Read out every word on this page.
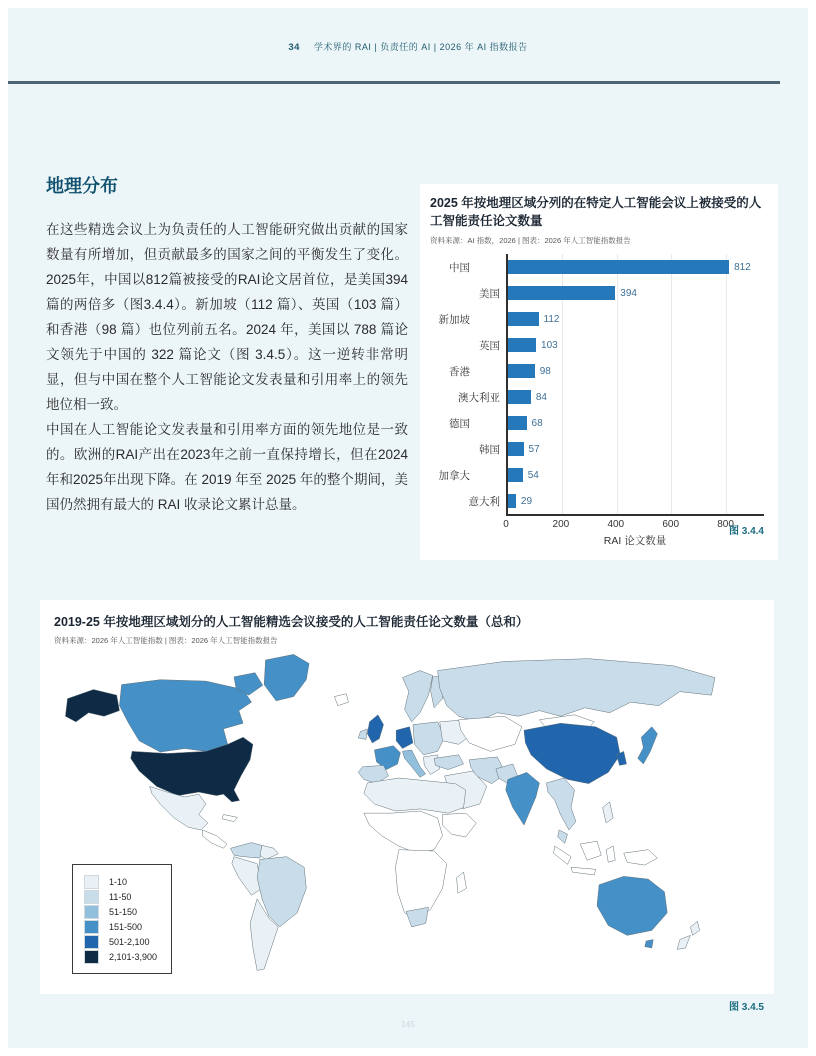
34 学术界的 RAI | 负责任的 AI | 2026 年 AI 指数报告
地理分布

在这些精选会议上为负责任的人工智能研究做出贡献的国家数量有所增加，但贡献最多的国家之间的平衡发生了变化。2025年，中国以812篇被接受的RAI论文居首位，是美国394篇的两倍多（图3.4.4）。新加坡（112 篇）、英国（103 篇）和香港（98 篇）也位列前五名。2024 年，美国以 788 篇论文领先于中国的 322 篇论文（图 3.4.5）。这一逆转非常明显，但与中国在整个人工智能论文发表量和引用率上的领先地位相一致。

中国在人工智能论文发表量和引用率方面的领先地位是一致的。欧洲的RAI产出在2023年之前一直保持增长，但在2024年和2025年出现下降。在 2019 年至 2025 年的整个期间，美国仍然拥有最大的 RAI 收录论文累计总量。

2025 年按地理区域分列的在特定人工智能会议上被接受的人工智能责任论文数量

资料来源：AI 指数，2026 | 图表：2026 年人工智能指数报告

中国	812
美国	394
新加坡	112
英国	103
香港	98
澳大利亚	84
德国	68
韩国	57
加拿大	54
意大利	29
0	200	400	600	800
RAI 论文数量
图 3.4.4

2019-25 年按地理区域划分的人工智能精选会议接受的人工智能责任论文数量（总和）

资料来源：2026 年人工智能指数 | 图表：2026 年人工智能指数报告

1-10
11-50
51-150
151-500
501-2,100
2,101-3,900
图 3.4.5
145
